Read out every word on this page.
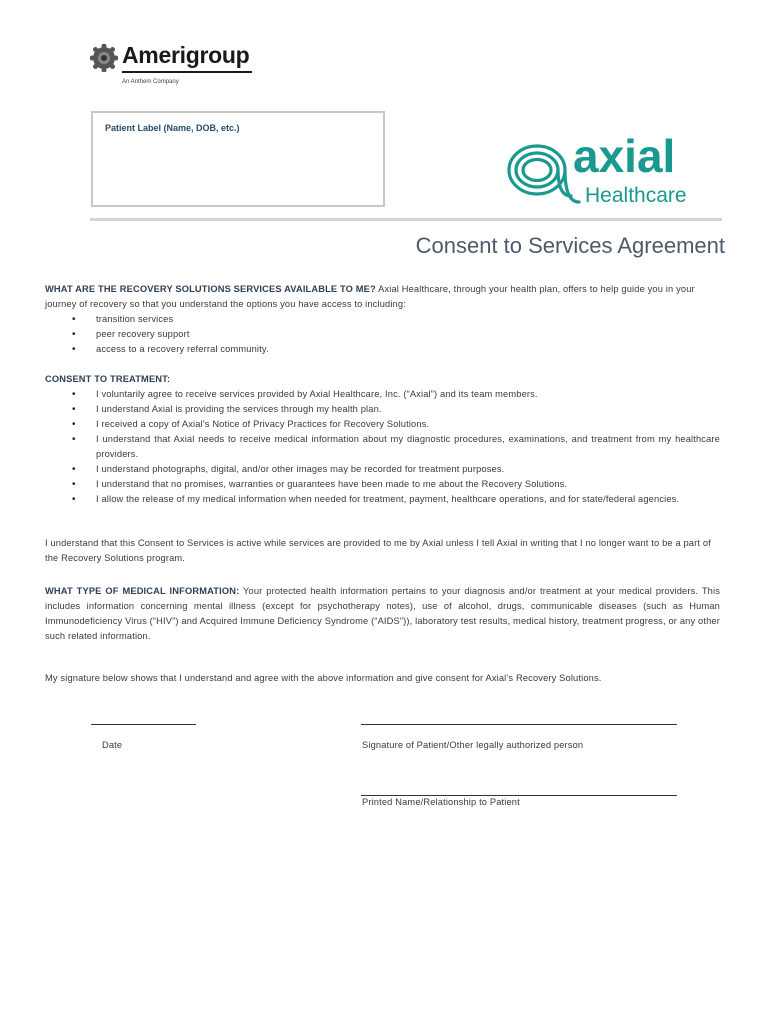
Amerigroup
An Anthem Company
Patient Label (Name, DOB, etc.)
axial
Healthcare
Consent to Services Agreement
WHAT ARE THE RECOVERY SOLUTIONS SERVICES AVAILABLE TO ME? Axial Healthcare, through your health plan, offers to help guide you in your journey of recovery so that you understand the options you have access to including:
• transition services
• peer recovery support
• access to a recovery referral community.
CONSENT TO TREATMENT:
• I voluntarily agree to receive services provided by Axial Healthcare, Inc. (“Axial”) and its team members.
• I understand Axial is providing the services through my health plan.
• I received a copy of Axial’s Notice of Privacy Practices for Recovery Solutions.
• I understand that Axial needs to receive medical information about my diagnostic procedures, examinations, and treatment from my healthcare providers.
• I understand photographs, digital, and/or other images may be recorded for treatment purposes.
• I understand that no promises, warranties or guarantees have been made to me about the Recovery Solutions.
• I allow the release of my medical information when needed for treatment, payment, healthcare operations, and for state/federal agencies.
I understand that this Consent to Services is active while services are provided to me by Axial unless I tell Axial in writing that I no longer want to be a part of the Recovery Solutions program.
WHAT TYPE OF MEDICAL INFORMATION: Your protected health information pertains to your diagnosis and/or treatment at your medical providers. This includes information concerning mental illness (except for psychotherapy notes), use of alcohol, drugs, communicable diseases (such as Human Immunodeficiency Virus (“HIV”) and Acquired Immune Deficiency Syndrome (“AIDS”)), laboratory test results, medical history, treatment progress, or any other such related information.
My signature below shows that I understand and agree with the above information and give consent for Axial’s Recovery Solutions.
Date	Signature of Patient/Other legally authorized person
Printed Name/Relationship to Patient
